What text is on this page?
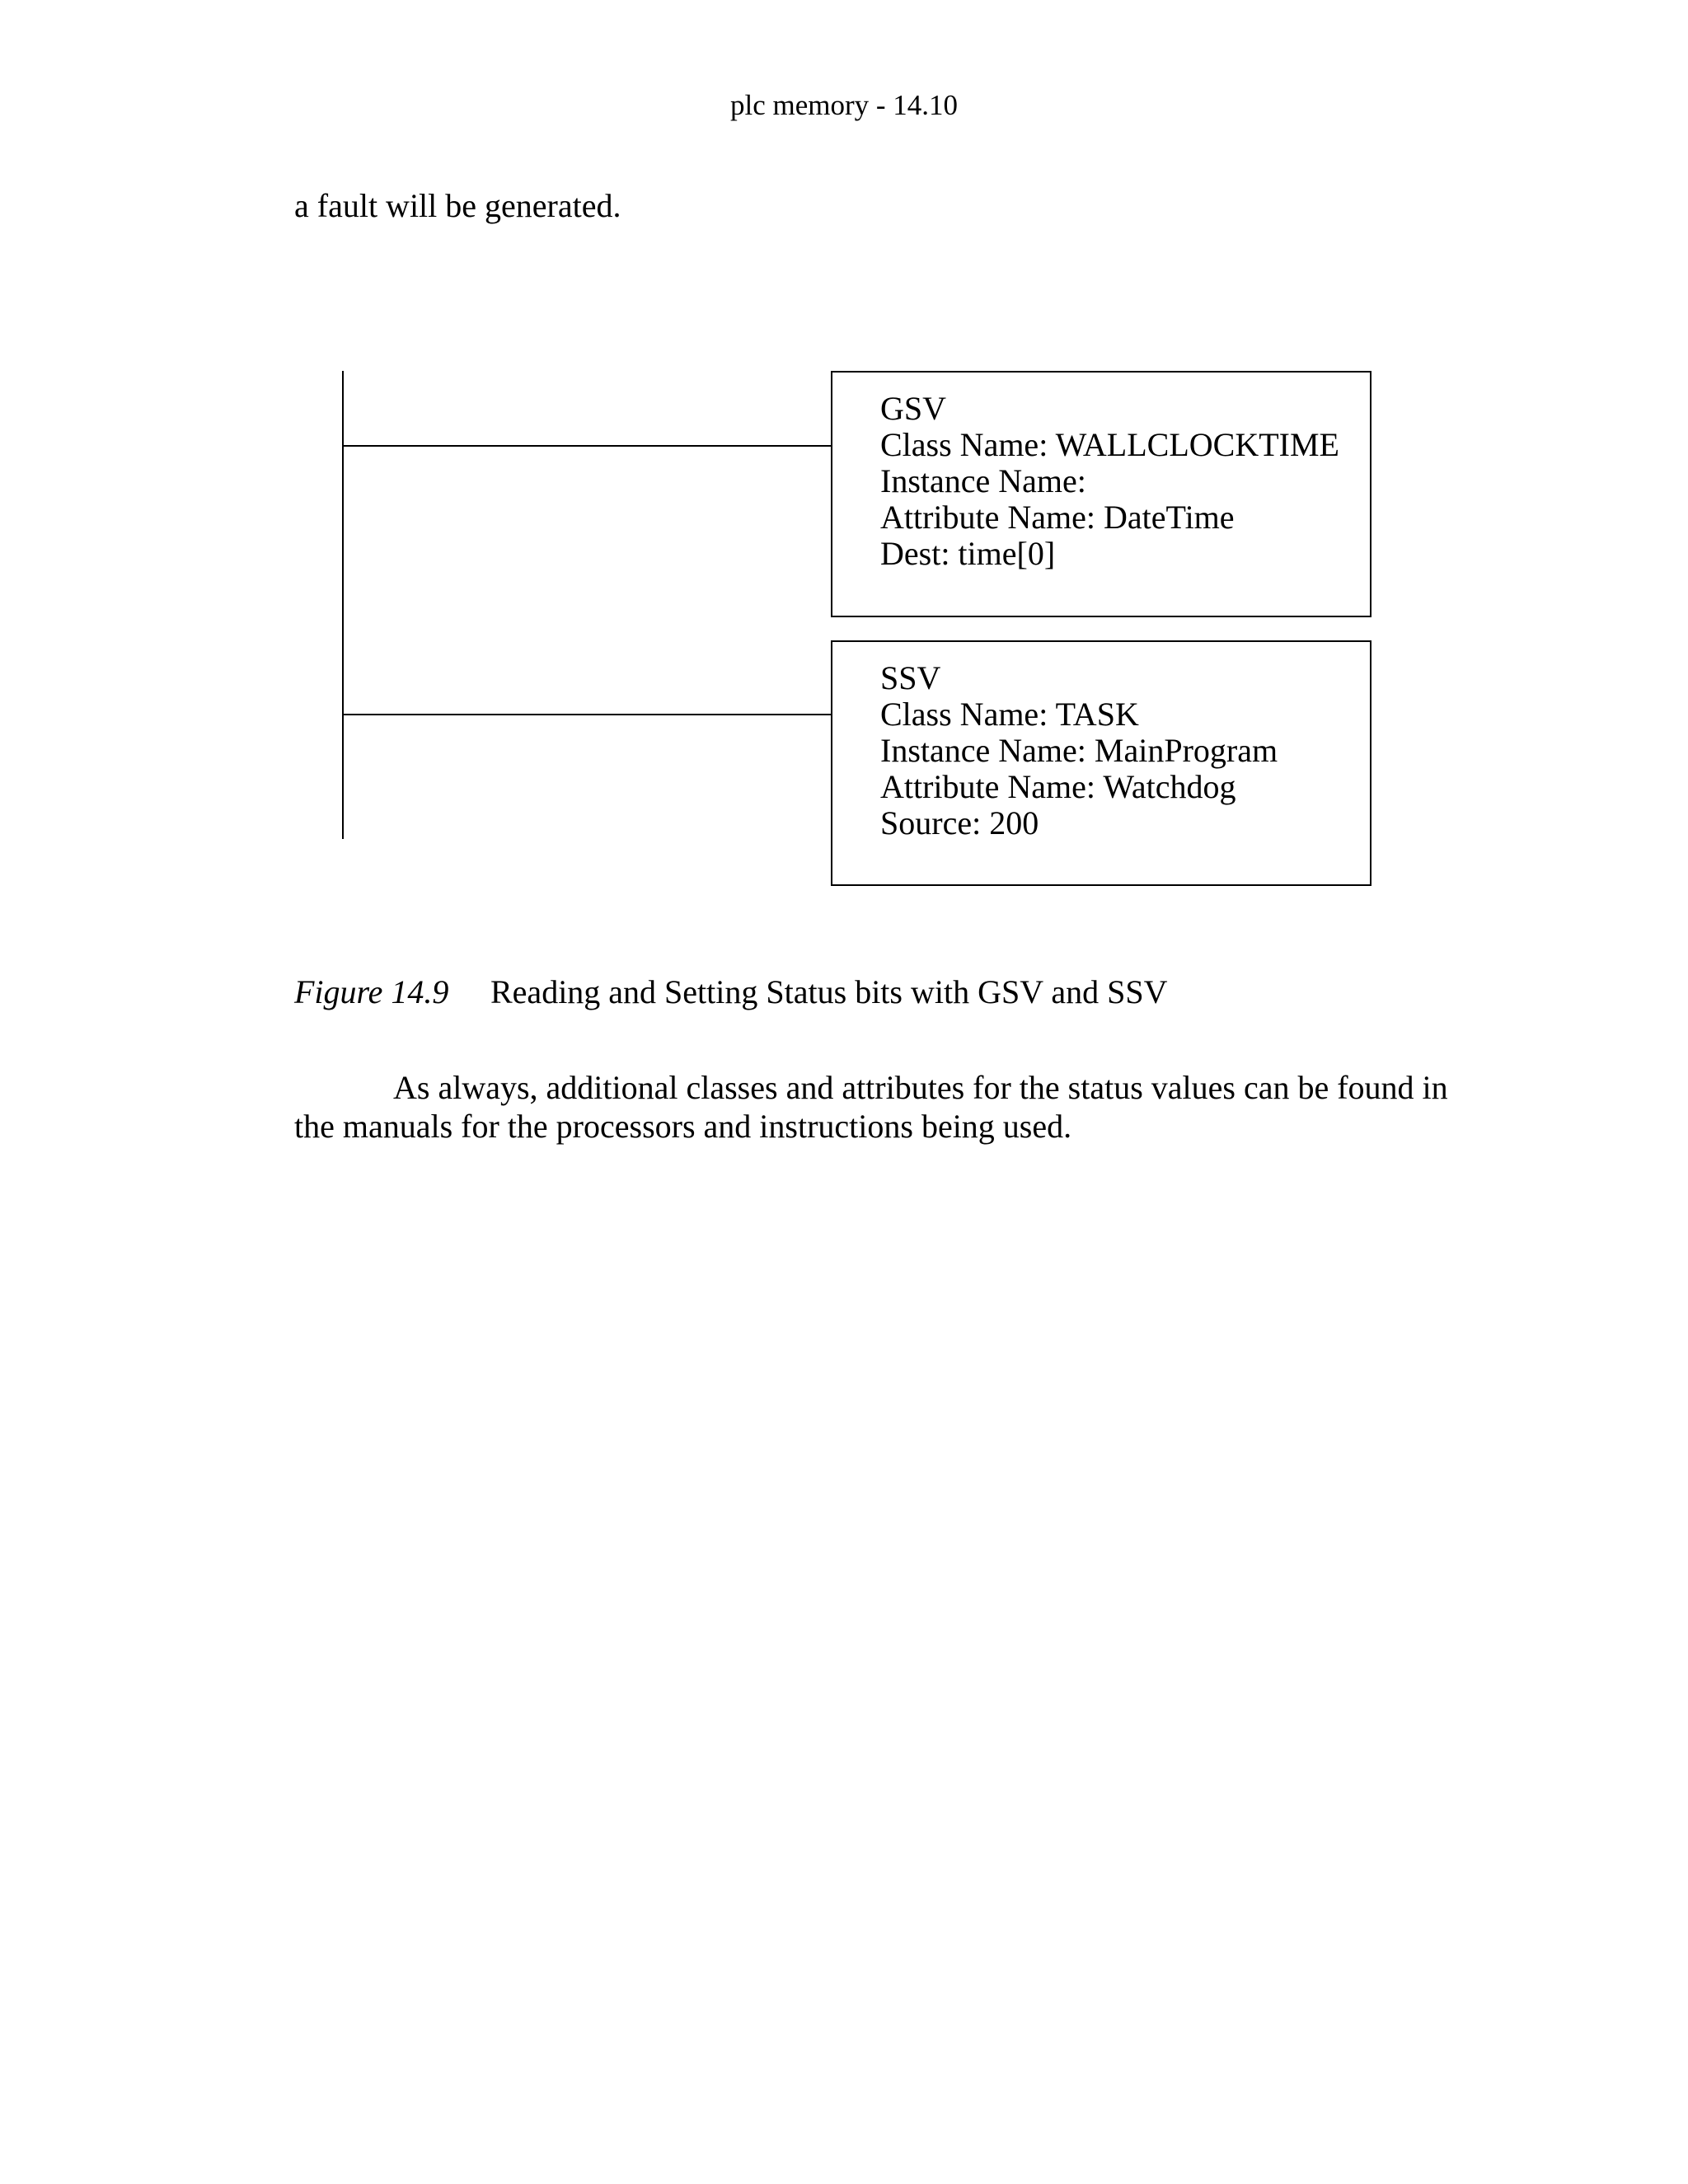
plc memory - 14.10
a fault will be generated.
GSV
Class Name: WALLCLOCKTIME
Instance Name:
Attribute Name: DateTime
Dest: time[0]
SSV
Class Name: TASK
Instance Name: MainProgram
Attribute Name: Watchdog
Source: 200
Figure 14.9 Reading and Setting Status bits with GSV and SSV
As always, additional classes and attributes for the status values can be found in
the manuals for the processors and instructions being used.
